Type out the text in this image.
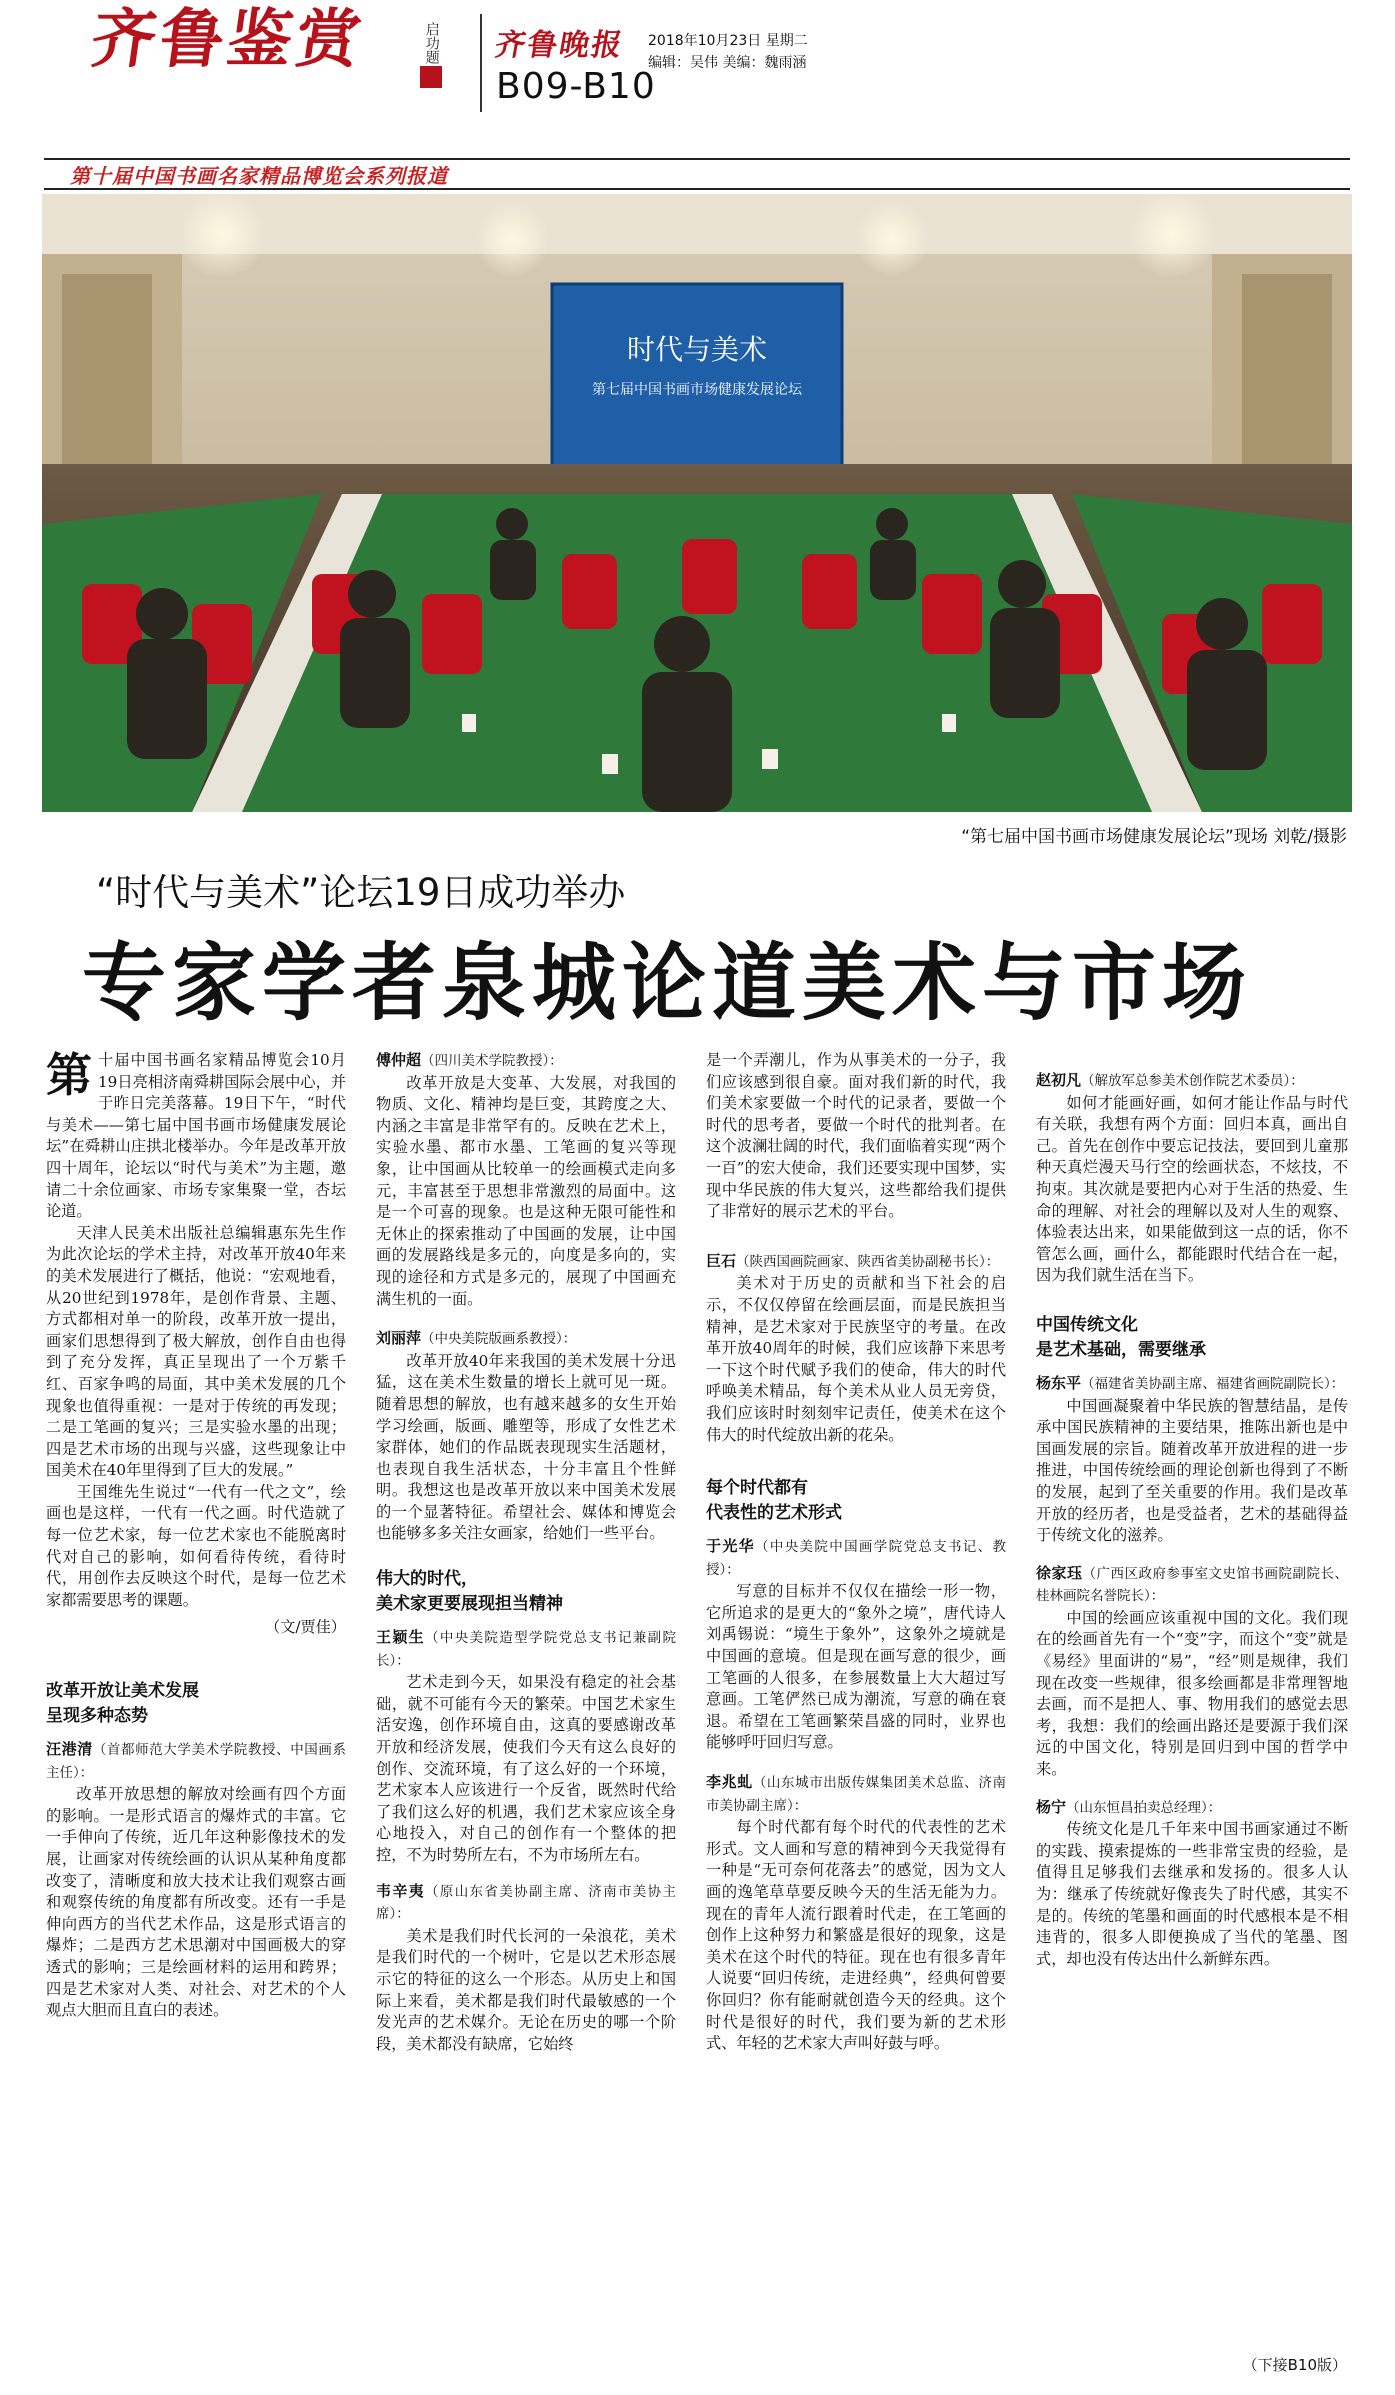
齐鲁鉴赏	启功题 齐鲁晚报
B09-B10
2018年10月23日 星期二
编辑：吴伟 美编：魏雨涵
第十届中国书画名家精品博览会系列报道
时代与美术
第七届中国书画市场健康发展论坛
“第七届中国书画市场健康发展论坛”现场 刘乾/摄影
“时代与美术”论坛19日成功举办
专家学者泉城论道美术与市场

第十届中国书画名家精品博览会10月19日亮相济南舜耕国际会展中心，并于昨日完美落幕。19日下午，“时代与美术——第七届中国书画市场健康发展论坛”在舜耕山庄拱北楼举办。今年是改革开放四十周年，论坛以“时代与美术”为主题，邀请二十余位画家、市场专家集聚一堂，杏坛论道。

天津人民美术出版社总编辑惠东先生作为此次论坛的学术主持，对改革开放40年来的美术发展进行了概括，他说：“宏观地看，从20世纪到1978年，是创作背景、主题、方式都相对单一的阶段，改革开放一提出，画家们思想得到了极大解放，创作自由也得到了充分发挥，真正呈现出了一个万紫千红、百家争鸣的局面，其中美术发展的几个现象也值得重视：一是对于传统的再发现；二是工笔画的复兴；三是实验水墨的出现；四是艺术市场的出现与兴盛，这些现象让中国美术在40年里得到了巨大的发展。”

王国维先生说过“一代有一代之文”，绘画也是这样，一代有一代之画。时代造就了每一位艺术家，每一位艺术家也不能脱离时代对自己的影响，如何看待传统，看待时代，用创作去反映这个时代，是每一位艺术家都需要思考的课题。

（文/贾佳）

改革开放让美术发展
呈现多种态势

汪港清（首都师范大学美术学院教授、中国画系主任）：

改革开放思想的解放对绘画有四个方面的影响。一是形式语言的爆炸式的丰富。它一手伸向了传统，近几年这种影像技术的发展，让画家对传统绘画的认识从某种角度都改变了，清晰度和放大技术让我们观察古画和观察传统的角度都有所改变。还有一手是伸向西方的当代艺术作品，这是形式语言的爆炸；二是西方艺术思潮对中国画极大的穿透式的影响；三是绘画材料的运用和跨界；四是艺术家对人类、对社会、对艺术的个人观点大胆而且直白的表述。

傅仲超（四川美术学院教授）：

改革开放是大变革、大发展，对我国的物质、文化、精神均是巨变，其跨度之大、内涵之丰富是非常罕有的。反映在艺术上，实验水墨、都市水墨、工笔画的复兴等现象，让中国画从比较单一的绘画模式走向多元，丰富甚至于思想非常激烈的局面中。这是一个可喜的现象。也是这种无限可能性和无休止的探索推动了中国画的发展，让中国画的发展路线是多元的，向度是多向的，实现的途径和方式是多元的，展现了中国画充满生机的一面。

刘丽萍（中央美院版画系教授）：

改革开放40年来我国的美术发展十分迅猛，这在美术生数量的增长上就可见一斑。随着思想的解放，也有越来越多的女生开始学习绘画，版画、雕塑等，形成了女性艺术家群体，她们的作品既表现现实生活题材，也表现自我生活状态，十分丰富且个性鲜明。我想这也是改革开放以来中国美术发展的一个显著特征。希望社会、媒体和博览会也能够多多关注女画家，给她们一些平台。

伟大的时代，
美术家更要展现担当精神

王颖生（中央美院造型学院党总支书记兼副院长）：

艺术走到今天，如果没有稳定的社会基础，就不可能有今天的繁荣。中国艺术家生活安逸，创作环境自由，这真的要感谢改革开放和经济发展，使我们今天有这么良好的创作、交流环境，有了这么好的一个环境，艺术家本人应该进行一个反省，既然时代给了我们这么好的机遇，我们艺术家应该全身心地投入，对自己的创作有一个整体的把控，不为时势所左右，不为市场所左右。

韦辛夷（原山东省美协副主席、济南市美协主席）：

美术是我们时代长河的一朵浪花，美术是我们时代的一个树叶，它是以艺术形态展示它的特征的这么一个形态。从历史上和国际上来看，美术都是我们时代最敏感的一个发光声的艺术媒介。无论在历史的哪一个阶段，美术都没有缺席，它始终

是一个弄潮儿，作为从事美术的一分子，我们应该感到很自豪。面对我们新的时代，我们美术家要做一个时代的记录者，要做一个时代的思考者，要做一个时代的批判者。在这个波澜壮阔的时代，我们面临着实现“两个一百”的宏大使命，我们还要实现中国梦，实现中华民族的伟大复兴，这些都给我们提供了非常好的展示艺术的平台。

巨石（陕西国画院画家、陕西省美协副秘书长）：

美术对于历史的贡献和当下社会的启示，不仅仅停留在绘画层面，而是民族担当精神，是艺术家对于民族坚守的考量。在改革开放40周年的时候，我们应该静下来思考一下这个时代赋予我们的使命，伟大的时代呼唤美术精品，每个美术从业人员无旁贷，我们应该时时刻刻牢记责任，使美术在这个伟大的时代绽放出新的花朵。

每个时代都有
代表性的艺术形式

于光华（中央美院中国画学院党总支书记、教授）：

写意的目标并不仅仅在描绘一形一物，它所追求的是更大的“象外之境”，唐代诗人刘禹锡说：“境生于象外”，这象外之境就是中国画的意境。但是现在画写意的很少，画工笔画的人很多，在参展数量上大大超过写意画。工笔俨然已成为潮流，写意的确在衰退。希望在工笔画繁荣昌盛的同时，业界也能够呼吁回归写意。

李兆虬（山东城市出版传媒集团美术总监、济南市美协副主席）：

每个时代都有每个时代的代表性的艺术形式。文人画和写意的精神到今天我觉得有一种是“无可奈何花落去”的感觉，因为文人画的逸笔草草要反映今天的生活无能为力。现在的青年人流行跟着时代走，在工笔画的创作上这种努力和繁盛是很好的现象，这是美术在这个时代的特征。现在也有很多青年人说要“回归传统，走进经典”，经典何曾要你回归？你有能耐就创造今天的经典。这个时代是很好的时代，我们要为新的艺术形式、年轻的艺术家大声叫好鼓与呼。

赵初凡（解放军总参美术创作院艺术委员）：

如何才能画好画，如何才能让作品与时代有关联，我想有两个方面：回归本真，画出自己。首先在创作中要忘记技法，要回到儿童那种天真烂漫天马行空的绘画状态，不炫技，不拘束。其次就是要把内心对于生活的热爱、生命的理解、对社会的理解以及对人生的观察、体验表达出来，如果能做到这一点的话，你不管怎么画，画什么，都能跟时代结合在一起，因为我们就生活在当下。

中国传统文化
是艺术基础，需要继承

杨东平（福建省美协副主席、福建省画院副院长）：

中国画凝聚着中华民族的智慧结晶，是传承中国民族精神的主要结果，推陈出新也是中国画发展的宗旨。随着改革开放进程的进一步推进，中国传统绘画的理论创新也得到了不断的发展，起到了至关重要的作用。我们是改革开放的经历者，也是受益者，艺术的基础得益于传统文化的滋养。

徐家珏（广西区政府参事室文史馆书画院副院长、桂林画院名誉院长）：

中国的绘画应该重视中国的文化。我们现在的绘画首先有一个“变”字，而这个“变”就是《易经》里面讲的“易”，“经”则是规律，我们现在改变一些规律，很多绘画都是非常理智地去画，而不是把人、事、物用我们的感觉去思考，我想：我们的绘画出路还是要源于我们深远的中国文化，特别是回归到中国的哲学中来。

杨宁（山东恒昌拍卖总经理）：

传统文化是几千年来中国书画家通过不断的实践、摸索提炼的一些非常宝贵的经验，是值得且足够我们去继承和发扬的。很多人认为：继承了传统就好像丧失了时代感，其实不是的。传统的笔墨和画面的时代感根本是不相违背的，很多人即便换成了当代的笔墨、图式，却也没有传达出什么新鲜东西。

（下接B10版）
